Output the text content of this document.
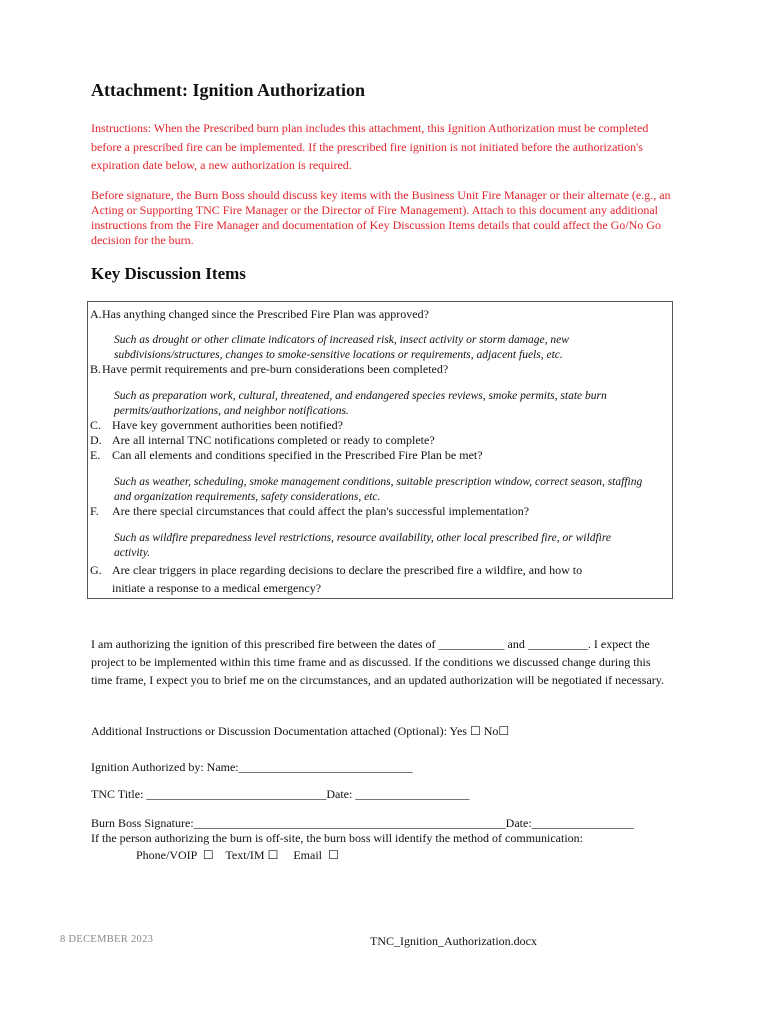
Attachment: Ignition Authorization
Instructions: When the Prescribed burn plan includes this attachment, this Ignition Authorization must be completed before a prescribed fire can be implemented. If the prescribed fire ignition is not initiated before the authorization's expiration date below, a new authorization is required.
Before signature, the Burn Boss should discuss key items with the Business Unit Fire Manager or their alternate (e.g., an Acting or Supporting TNC Fire Manager or the Director of Fire Management). Attach to this document any additional instructions from the Fire Manager and documentation of Key Discussion Items details that could affect the Go/No Go decision for the burn.
Key Discussion Items
A.Has anything changed since the Prescribed Fire Plan was approved?
Such as drought or other climate indicators of increased risk, insect activity or storm damage, new subdivisions/structures, changes to smoke-sensitive locations or requirements, adjacent fuels, etc.
B.Have permit requirements and pre-burn considerations been completed?
Such as preparation work, cultural, threatened, and endangered species reviews, smoke permits, state burn permits/authorizations, and neighbor notifications.
C. Have key government authorities been notified?
D. Are all internal TNC notifications completed or ready to complete?
E. Can all elements and conditions specified in the Prescribed Fire Plan be met?
Such as weather, scheduling, smoke management conditions, suitable prescription window, correct season, staffing and organization requirements, safety considerations, etc.
F. Are there special circumstances that could affect the plan's successful implementation?
Such as wildfire preparedness level restrictions, resource availability, other local prescribed fire, or wildfire activity.
G. Are clear triggers in place regarding decisions to declare the prescribed fire a wildfire, and how to initiate a response to a medical emergency?
I am authorizing the ignition of this prescribed fire between the dates of ___________ and __________. I expect the project to be implemented within this time frame and as discussed. If the conditions we discussed change during this time frame, I expect you to brief me on the circumstances, and an updated authorization will be negotiated if necessary.
Additional Instructions or Discussion Documentation attached (Optional): Yes ☐ No☐
Ignition Authorized by: Name:_____________________________
TNC Title: ______________________________Date: ___________________
Burn Boss Signature:____________________________________________________Date:_________________
If the person authorizing the burn is off-site, the burn boss will identify the method of communication:
Phone/VOIP  ☐    Text/IM ☐     Email  ☐
8 DECEMBER 2023	TNC_Ignition_Authorization.docx
